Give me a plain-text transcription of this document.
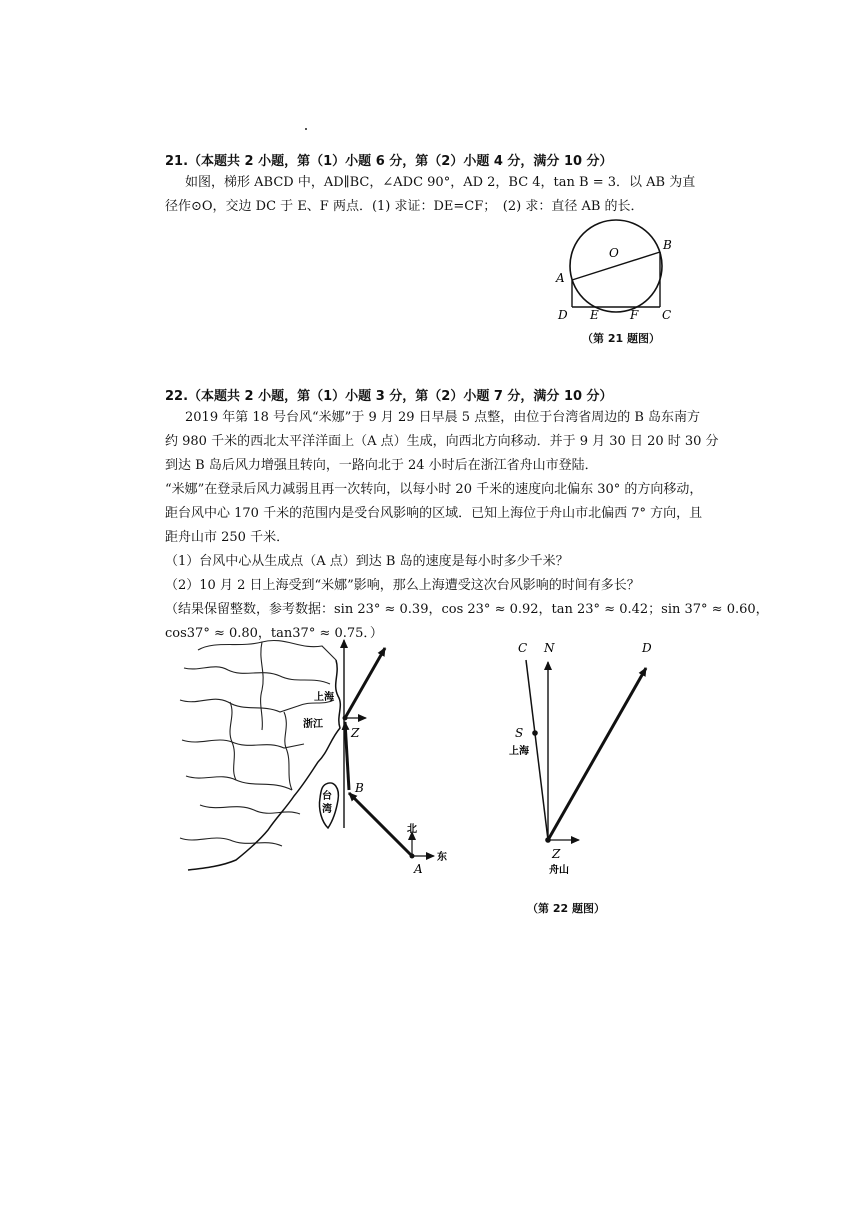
21.（本题共 2 小题，第（1）小题 6 分，第（2）小题 4 分，满分 10 分）
如图，梯形 ABCD 中，AD∥BC，∠ADC 90°，AD 2，BC 4，tan B = 3．以 AB 为直
径作⊙O，交边 DC 于 E、F 两点．(1) 求证：DE=CF；　(2) 求：直径 AB 的长．
O
A
B
C
D E	F
（第 21 题图）
22.（本题共 2 小题，第（1）小题 3 分，第（2）小题 7 分，满分 10 分）
2019 年第 18 号台风“米娜”于 9 月 29 日早晨 5 点整，由位于台湾省周边的 B 岛东南方
约 980 千米的西北太平洋洋面上（A 点）生成，向西北方向移动．并于 9 月 30 日 20 时 30 分
到达 B 岛后风力增强且转向，一路向北于 24 小时后在浙江省舟山市登陆．
“米娜”在登录后风力减弱且再一次转向，以每小时 20 千米的速度向北偏东 30° 的方向移动，
距台风中心 170 千米的范围内是受台风影响的区域．已知上海位于舟山市北偏西 7° 方向，且
距舟山市 250 千米．
（1）台风中心从生成点（A 点）到达 B 岛的速度是每小时多少千米？
（2）10 月 2 日上海受到“米娜”影响，那么上海遭受这次台风影响的时间有多长？
（结果保留整数，参考数据：sin 23° ≈ 0.39，cos 23° ≈ 0.92，tan 23° ≈ 0.42；sin 37° ≈ 0.60，
cos37° ≈ 0.80，tan37° ≈ 0.75．）
上海
浙江
台
湾
Z
B
A
北
东
C N	D
S
上海
Z
舟山
（第 22 题图）
